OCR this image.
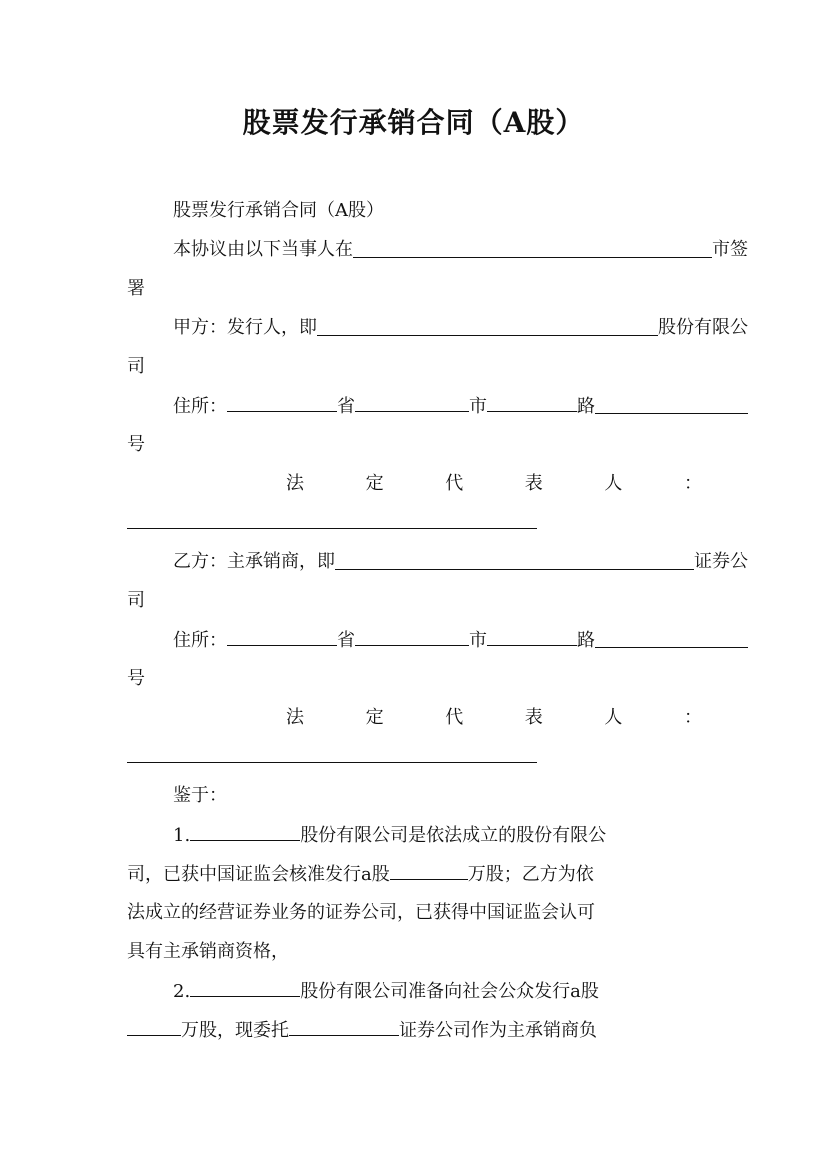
股票发行承销合同（A股）
股票发行承销合同（A股）
本协议由以下当事人在	市签
署
甲方：发行人，即	股份有限公
司
住所：	省	市	路
号
法	定	代	表	人	：
乙方：主承销商，即	证券公
司
住所：	省	市	路
号
法	定	代	表	人	：
鉴于：
1.	股份有限公司是依法成立的股份有限公
司，已获中国证监会核准发行a股	万股；乙方为依
法成立的经营证券业务的证券公司，已获得中国证监会认可
具有主承销商资格，
2.	股份有限公司准备向社会公众发行a股
万股，现委托	证券公司作为主承销商负
